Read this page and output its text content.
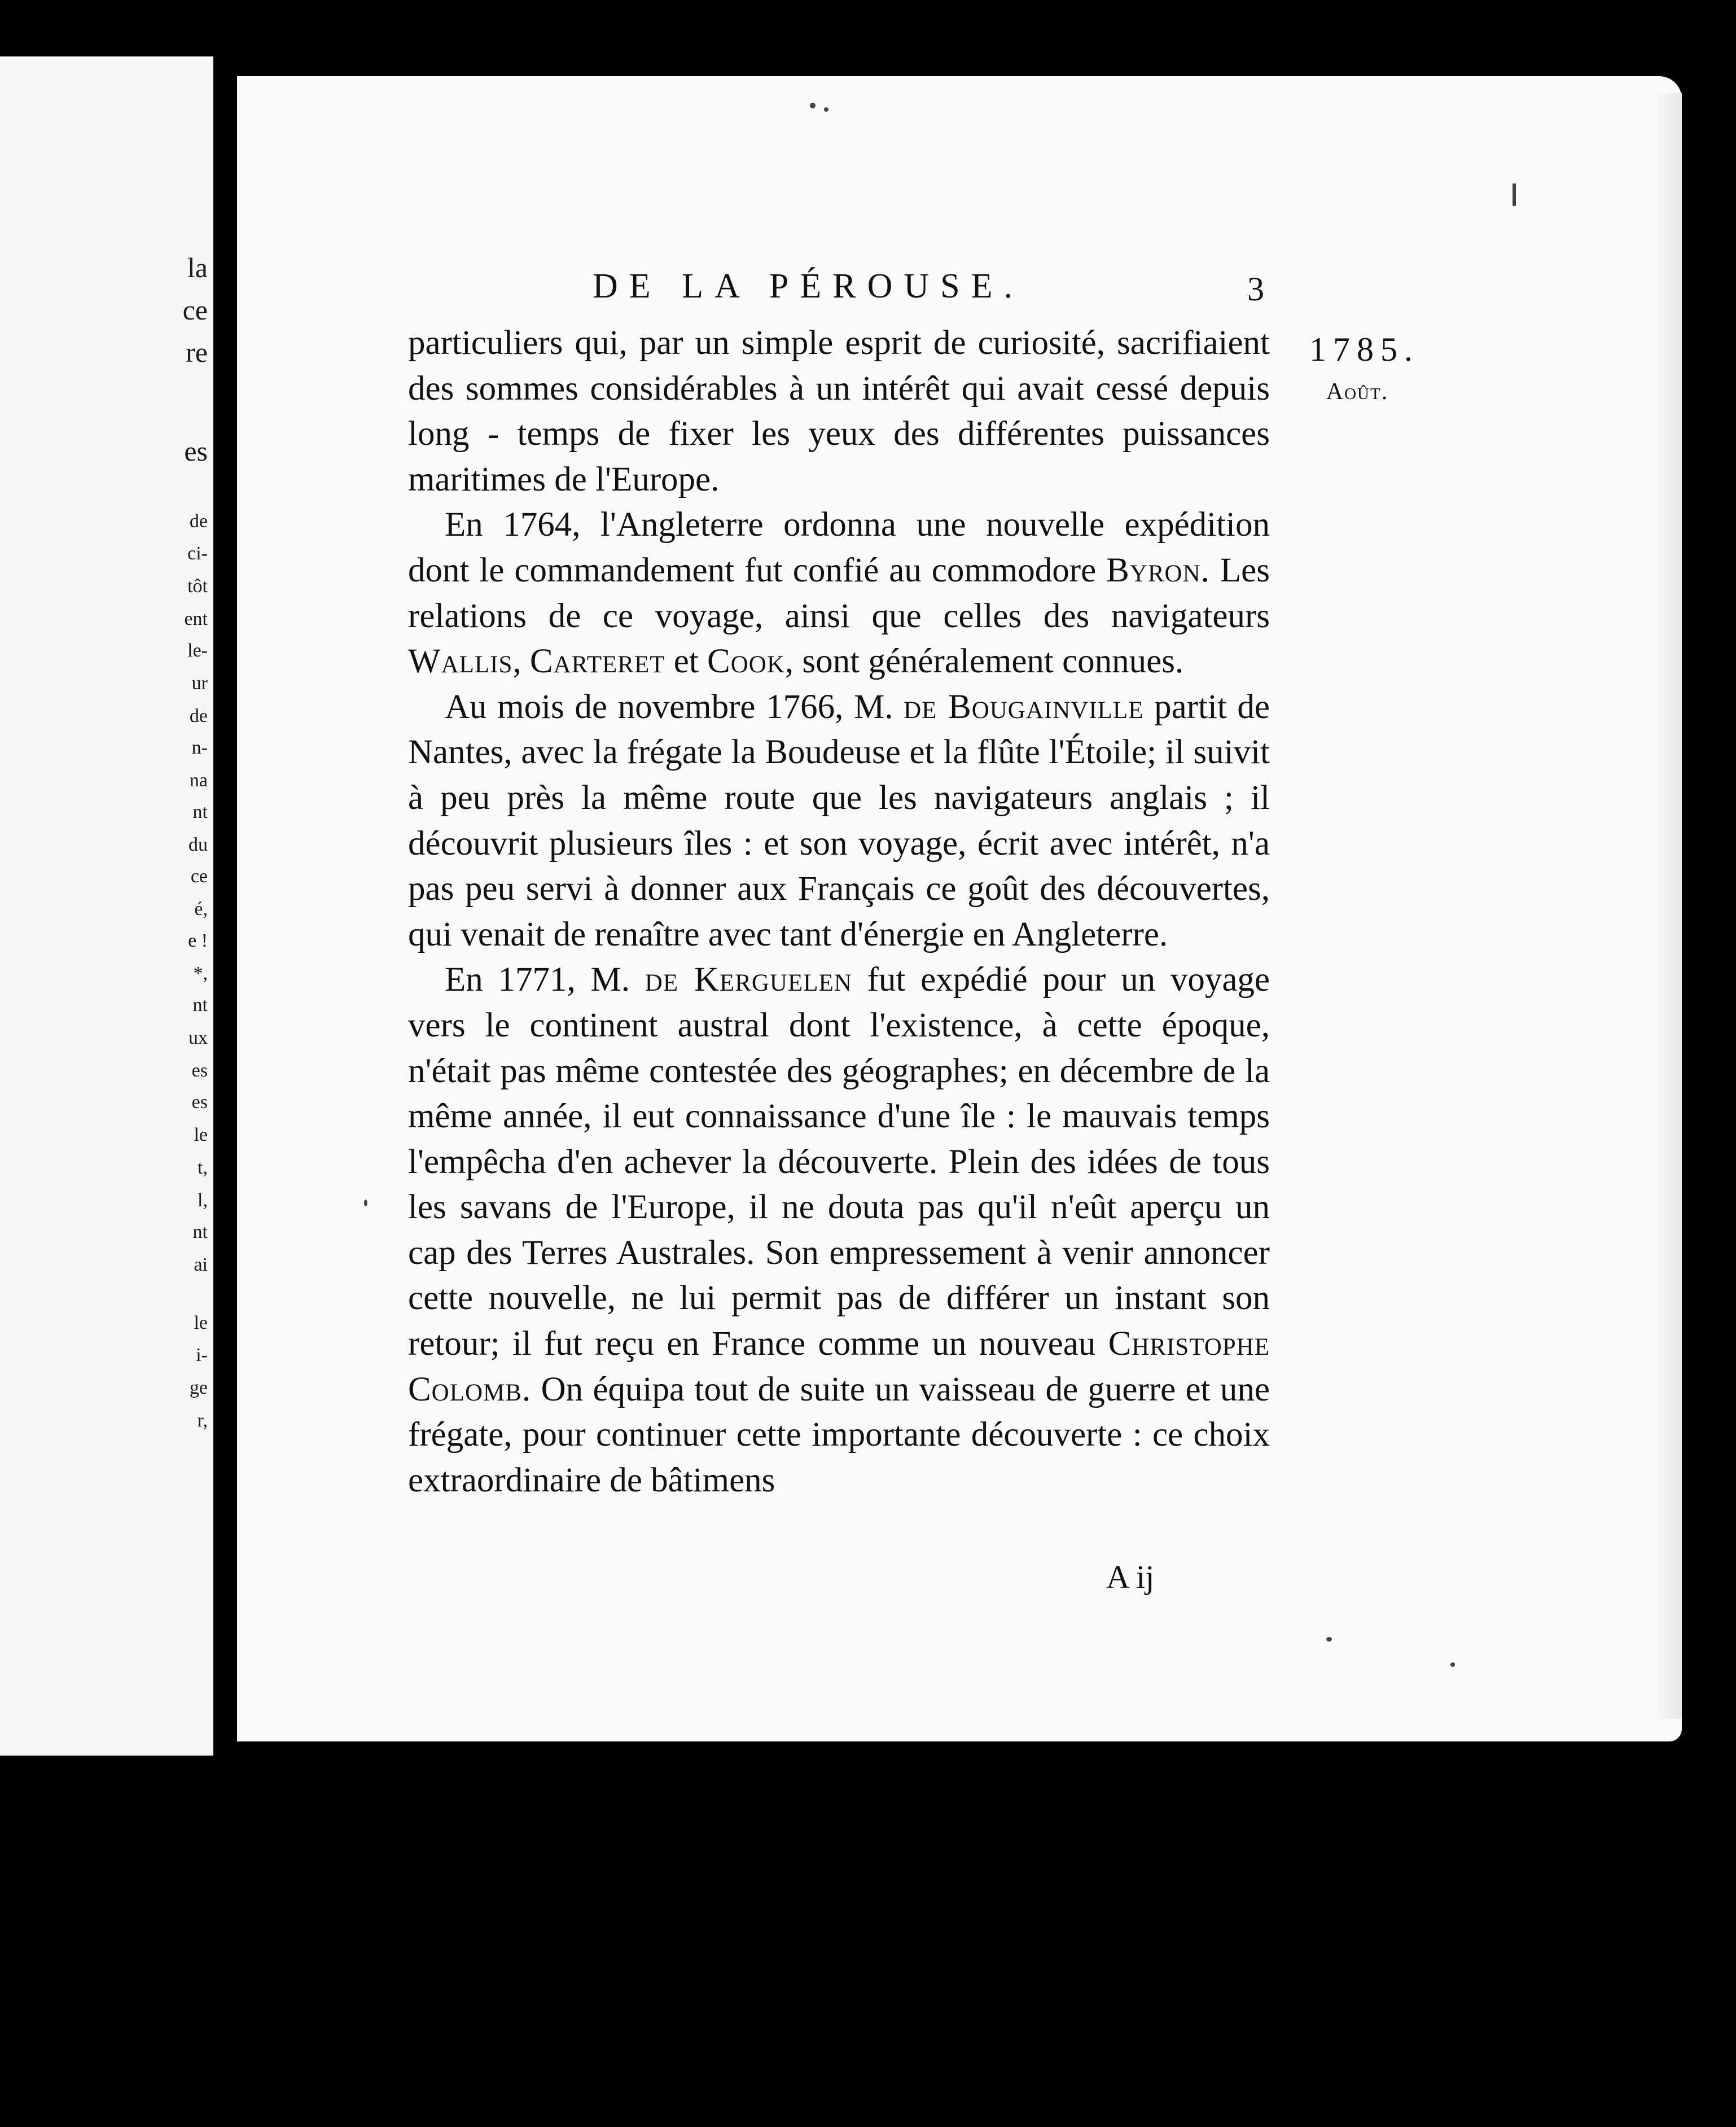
la
ce
re
es
de
ci-
tôt
ent
le-
ur
de
n-
na
nt
du
ce
é,
e !
*,
nt
ux
es
es
le
t,
l,
nt
ai
le
i-
ge
r,
DE LA PÉROUSE.	3
1785.
Août.

particuliers qui, par un simple esprit de curiosité, sacrifiaient des sommes considérables à un intérêt qui avait cessé depuis long - temps de fixer les yeux des différentes puissances maritimes de l'Europe.

En 1764, l'Angleterre ordonna une nouvelle expédition dont le commandement fut confié au commodore Byron. Les relations de ce voyage, ainsi que celles des navigateurs Wallis, Carteret et Cook, sont généralement connues.

Au mois de novembre 1766, M. de Bougainville partit de Nantes, avec la frégate la Boudeuse et la flûte l'Étoile; il suivit à peu près la même route que les navigateurs anglais ; il découvrit plusieurs îles : et son voyage, écrit avec intérêt, n'a pas peu servi à donner aux Français ce goût des découvertes, qui venait de renaître avec tant d'énergie en Angleterre.

En 1771, M. de Kerguelen fut expédié pour un voyage vers le continent austral dont l'existence, à cette époque, n'était pas même contestée des géographes; en décembre de la même année, il eut connaissance d'une île : le mauvais temps l'empêcha d'en achever la découverte. Plein des idées de tous les savans de l'Europe, il ne douta pas qu'il n'eût aperçu un cap des Terres Australes. Son empressement à venir annoncer cette nouvelle, ne lui permit pas de différer un instant son retour; il fut reçu en France comme un nouveau Christophe Colomb. On équipa tout de suite un vaisseau de guerre et une frégate, pour continuer cette importante découverte : ce choix extraordinaire de bâtimens

A ij
